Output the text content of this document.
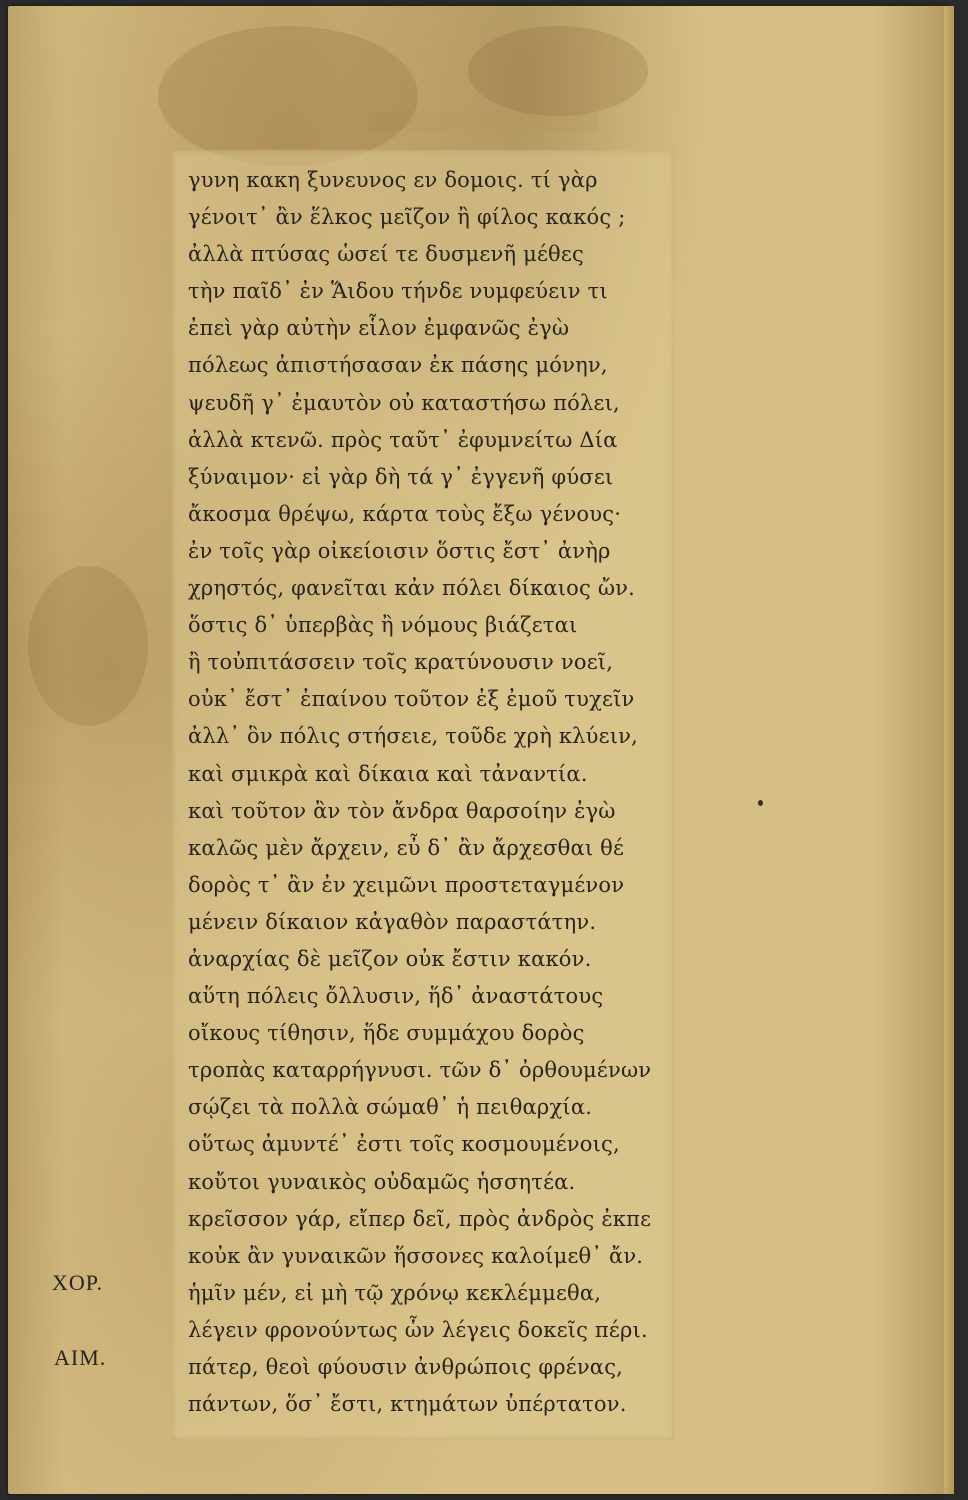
γυνη κακη ξυνευνος εν δομοις. τί γὰρ
γένοιτ᾽ ἂν ἕλκος μεῖζον ἢ φίλος κακός ;
ἀλλὰ πτύσας ὡσεί τε δυσμενῆ μέθες
τὴν παῖδ᾽ ἐν Ἅιδου τήνδε νυμφεύειν τι
ἐπεὶ γὰρ αὐτὴν εἷλον ἐμφανῶς ἐγὼ
πόλεως ἀπιστήσασαν ἐκ πάσης μόνην,
ψευδῆ γ᾽ ἐμαυτὸν οὐ καταστήσω πόλει,
ἀλλὰ κτενῶ. πρὸς ταῦτ᾽ ἐφυμνείτω Δία
ξύναιμον· εἰ γὰρ δὴ τά γ᾽ ἐγγενῆ φύσει
ἄκοσμα θρέψω, κάρτα τοὺς ἔξω γένους·
ἐν τοῖς γὰρ οἰκείοισιν ὅστις ἔστ᾽ ἀνὴρ
χρηστός, φανεῖται κἀν πόλει δίκαιος ὤν.
ὅστις δ᾽ ὑπερβὰς ἢ νόμους βιάζεται
ἢ τοὐπιτάσσειν τοῖς κρατύνουσιν νοεῖ,
οὐκ᾽ ἔστ᾽ ἐπαίνου τοῦτον ἐξ ἐμοῦ τυχεῖν
ἀλλ᾽ ὃν πόλις στήσειε, τοῦδε χρὴ κλύειν,
καὶ σμικρὰ καὶ δίκαια καὶ τἀναντία.
καὶ τοῦτον ἂν τὸν ἄνδρα θαρσοίην ἐγὼ
καλῶς μὲν ἄρχειν, εὖ δ᾽ ἂν ἄρχεσθαι θέ
δορὸς τ᾽ ἂν ἐν χειμῶνι προστεταγμένον
μένειν δίκαιον κἀγαθὸν παραστάτην.
ἀναρχίας δὲ μεῖζον οὐκ ἔστιν κακόν.
αὕτη πόλεις ὄλλυσιν, ἥδ᾽ ἀναστάτους
οἴκους τίθησιν, ἥδε συμμάχου δορὸς
τροπὰς καταρρήγνυσι. τῶν δ᾽ ὀρθουμένων
σῴζει τὰ πολλὰ σώμαθ᾽ ἡ πειθαρχία.
οὕτως ἀμυντέ᾽ ἐστι τοῖς κοσμουμένοις,
κοὔτοι γυναικὸς οὐδαμῶς ἡσσητέα.
κρεῖσσον γάρ, εἴπερ δεῖ, πρὸς ἀνδρὸς ἐκπε
κοὐκ ἂν γυναικῶν ἥσσονες καλοίμεθ᾽ ἄν.
ἡμῖν μέν, εἰ μὴ τῷ χρόνῳ κεκλέμμεθα,
λέγειν φρονούντως ὧν λέγεις δοκεῖς πέρι.
πάτερ, θεοὶ φύουσιν ἀνθρώποις φρένας,
πάντων, ὅσ᾽ ἔστι, κτημάτων ὑπέρτατον.
ΧΟΡ.
ΑΙΜ.
